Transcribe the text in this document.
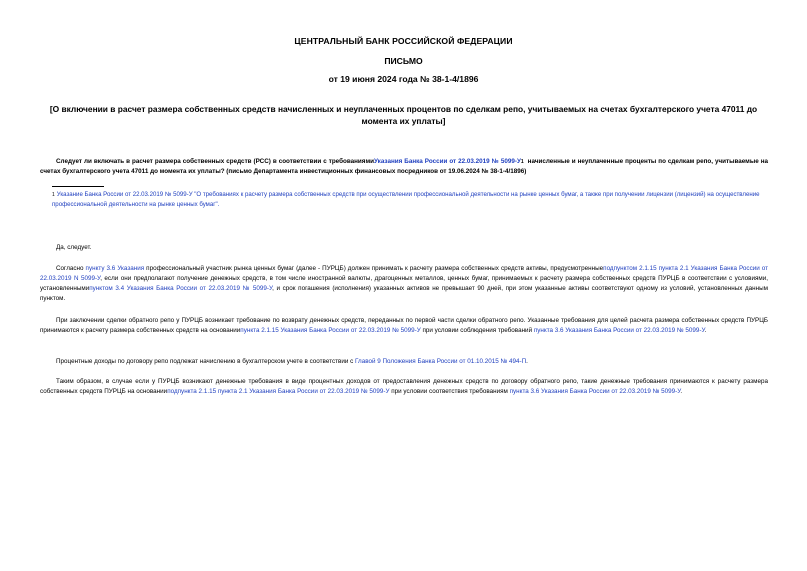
ЦЕНТРАЛЬНЫЙ БАНК РОССИЙСКОЙ ФЕДЕРАЦИИ
ПИСЬМО
от 19 июня 2024 года № 38-1-4/1896
[О включении в расчет размера собственных средств начисленных и неуплаченных процентов по сделкам репо, учитываемых на счетах бухгалтерского учета 47011 до момента их уплаты]
Следует ли включать в расчет размера собственных средств (РСС) в соответствии с требованиямиУказания Банка России от 22.03.2019 № 5099-У$^1$ начисленные и неуплаченные проценты по сделкам репо, учитываемые на счетах бухгалтерского учета 47011 до момента их уплаты? (письмо Департамента инвестиционных финансовых посредников от 19.06.2024 № 38-1-4/1896)
$^1$ Указание Банка России от 22.03.2019 № 5099-У "О требованиях к расчету размера собственных средств при осуществлении профессиональной деятельности на рынке ценных бумаг, а также при получении лицензии (лицензий) на осуществление профессиональной деятельности на рынке ценных бумаг".
Да, следует.
Согласно пункту 3.6 Указания профессиональный участник рынка ценных бумаг (далее - ПУРЦБ) должен принимать к расчету размера собственных средств активы, предусмотренныеподпунктом 2.1.15 пункта 2.1 Указания Банка России от 22.03.2019 N 5099-У, если они предполагают получение денежных средств, в том числе иностранной валюты, драгоценных металлов, ценных бумаг, принимаемых к расчету размера собственных средств ПУРЦБ в соответствии с условиями, установленнымипунктом 3.4 Указания Банка России от 22.03.2019 № 5099-У, и срок погашения (исполнения) указанных активов не превышает 90 дней, при этом указанные активы соответствуют одному из условий, установленных данным пунктом.
При заключении сделки обратного репо у ПУРЦБ возникает требование по возврату денежных средств, переданных по первой части сделки обратного репо. Указанные требования для целей расчета размера собственных средств ПУРЦБ принимаются к расчету размера собственных средств на основаниипункта 2.1.15 Указания Банка России от 22.03.2019 № 5099-У при условии соблюдения требований пункта 3.6 Указания Банка России от 22.03.2019 № 5099-У.
Процентные доходы по договору репо подлежат начислению в бухгалтерском учете в соответствии с Главой 9 Положения Банка России от 01.10.2015 № 494-П.
Таким образом, в случае если у ПУРЦБ возникают денежные требования в виде процентных доходов от предоставления денежных средств по договору обратного репо, такие денежные требования принимаются к расчету размера собственных средств ПУРЦБ на основанииподпункта 2.1.15 пункта 2.1 Указания Банка России от 22.03.2019 № 5099-У при условии соответствия требованиям пункта 3.6 Указания Банка России от 22.03.2019 № 5099-У.
